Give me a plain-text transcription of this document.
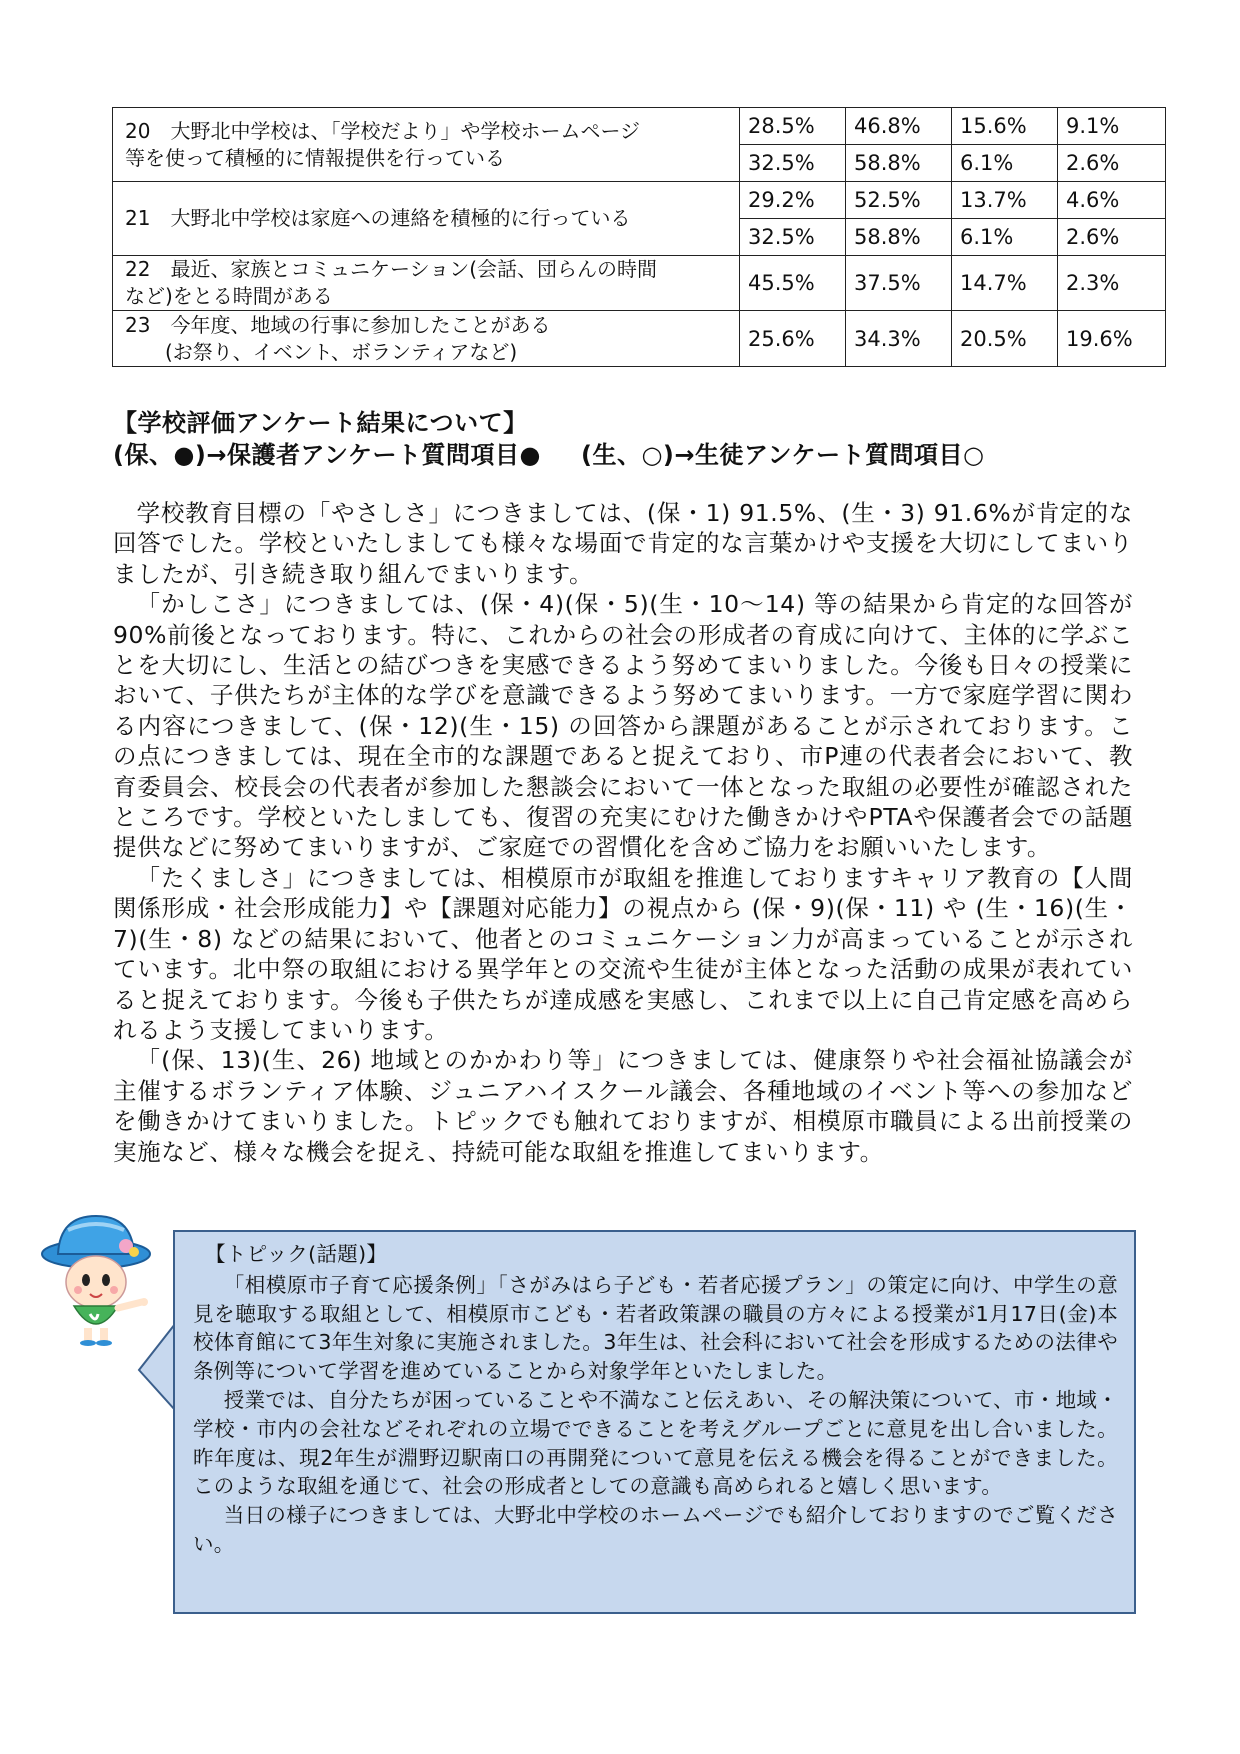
20　大野北中学校は、「学校だより」や学校ホームページ
等を使って積極的に情報提供を行っている	28.5%	46.8%	15.6%	9.1%
	32.5%	58.8%	6.1%	2.6%

21　大野北中学校は家庭への連絡を積極的に行っている	29.2%	52.5%	13.7%	4.6%
	32.5%	58.8%	6.1%	2.6%

22　最近、家族とコミュニケーション(会話、団らんの時間
など)をとる時間がある	45.5%	37.5%	14.7%	2.3%

23　今年度、地域の行事に参加したことがある
(お祭り、イベント、ボランティアなど)	25.6%	34.3%	20.5%	19.6%
【学校評価アンケート結果について】
(保、●)→保護者アンケート質問項目● (生、○)→生徒アンケート質問項目○

学校教育目標の「やさしさ」につきましては、(保・1) 91.5%、(生・3) 91.6%が肯定的な回答でした。学校といたしましても様々な場面で肯定的な言葉かけや支援を大切にしてまいりましたが、引き続き取り組んでまいります。

「かしこさ」につきましては、(保・4)(保・5)(生・10～14) 等の結果から肯定的な回答が90%前後となっております。特に、これからの社会の形成者の育成に向けて、主体的に学ぶことを大切にし、生活との結びつきを実感できるよう努めてまいりました。今後も日々の授業において、子供たちが主体的な学びを意識できるよう努めてまいります。一方で家庭学習に関わる内容につきまして、(保・12)(生・15) の回答から課題があることが示されております。この点につきましては、現在全市的な課題であると捉えており、市P連の代表者会において、教育委員会、校長会の代表者が参加した懇談会において一体となった取組の必要性が確認されたところです。学校といたしましても、復習の充実にむけた働きかけやPTAや保護者会での話題提供などに努めてまいりますが、ご家庭での習慣化を含めご協力をお願いいたします。

「たくましさ」につきましては、相模原市が取組を推進しておりますキャリア教育の【人間関係形成・社会形成能力】や【課題対応能力】の視点から (保・9)(保・11) や (生・16)(生・7)(生・8) などの結果において、他者とのコミュニケーション力が高まっていることが示されています。北中祭の取組における異学年との交流や生徒が主体となった活動の成果が表れていると捉えております。今後も子供たちが達成感を実感し、これまで以上に自己肯定感を高められるよう支援してまいります。

「(保、13)(生、26) 地域とのかかわり等」につきましては、健康祭りや社会福祉協議会が主催するボランティア体験、ジュニアハイスクール議会、各種地域のイベント等への参加などを働きかけてまいりました。トピックでも触れておりますが、相模原市職員による出前授業の実施など、様々な機会を捉え、持続可能な取組を推進してまいります。

【トピック(話題)】

「相模原市子育て応援条例」「さがみはら子ども・若者応援プラン」の策定に向け、中学生の意見を聴取する取組として、相模原市こども・若者政策課の職員の方々による授業が1月17日(金)本校体育館にて3年生対象に実施されました。3年生は、社会科において社会を形成するための法律や条例等について学習を進めていることから対象学年といたしました。

授業では、自分たちが困っていることや不満なこと伝えあい、その解決策について、市・地域・学校・市内の会社などそれぞれの立場でできることを考えグループごとに意見を出し合いました。昨年度は、現2年生が淵野辺駅南口の再開発について意見を伝える機会を得ることができました。このような取組を通じて、社会の形成者としての意識も高められると嬉しく思います。

当日の様子につきましては、大野北中学校のホームページでも紹介しておりますのでご覧ください。
